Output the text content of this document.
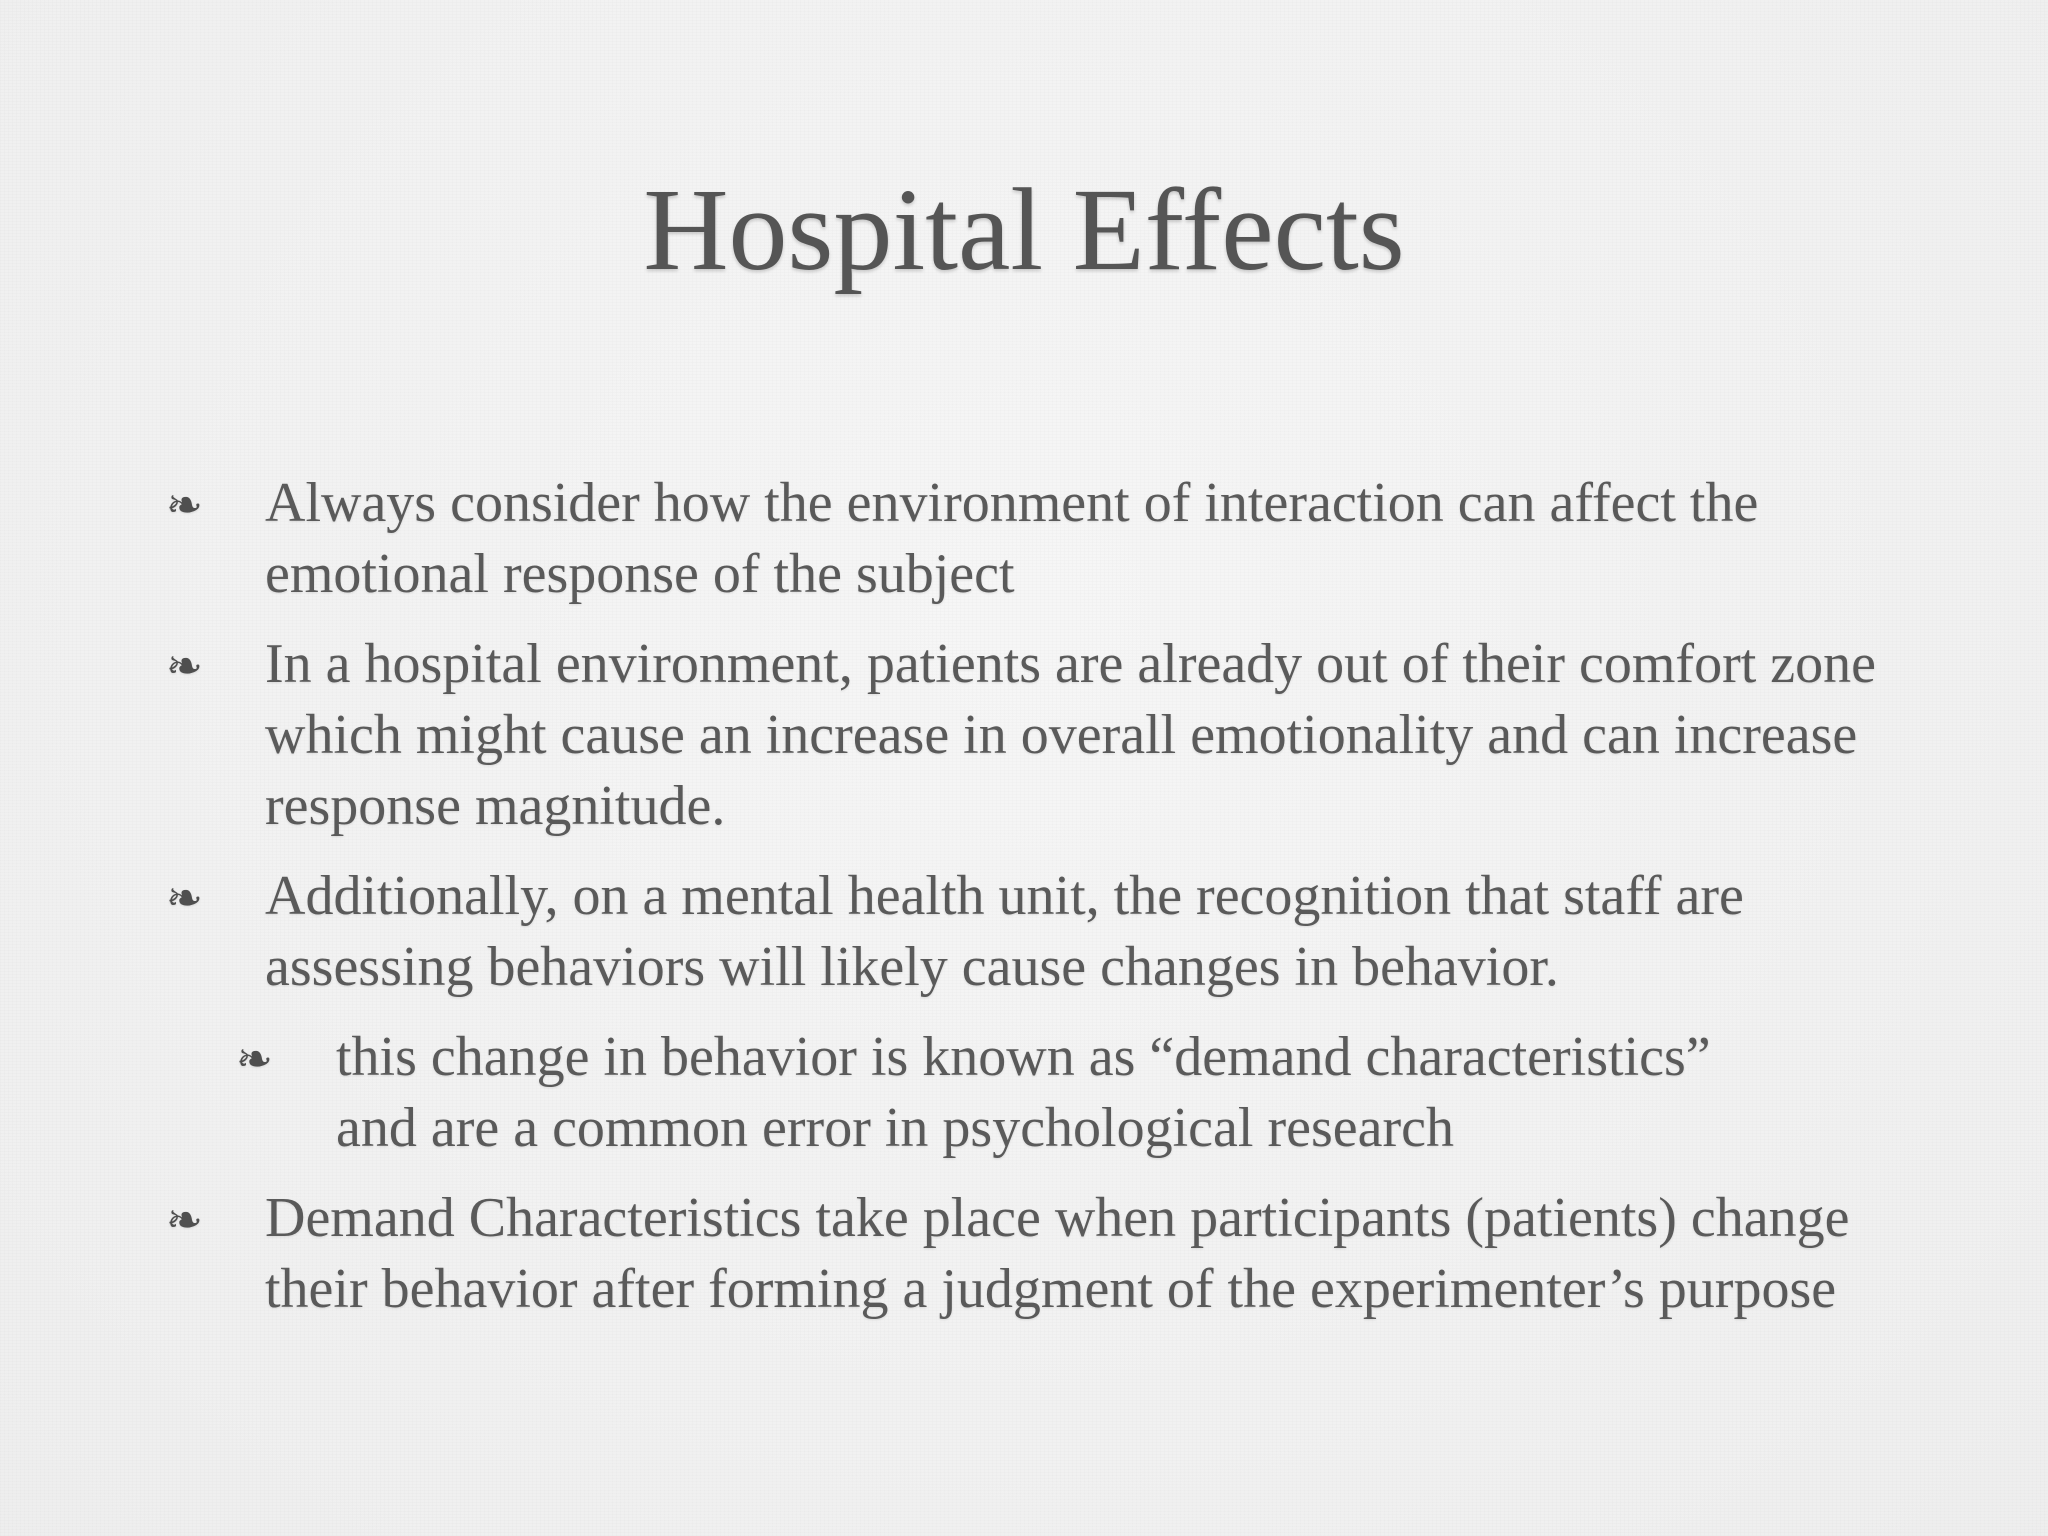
Hospital Effects
❧ Always consider how the environment of interaction can affect the emotional response of the subject
❧ In a hospital environment, patients are already out of their comfort zone which might cause an increase in overall emotionality and can increase response magnitude.
❧ Additionally, on a mental health unit, the recognition that staff are assessing behaviors will likely cause changes in behavior.
❧ this change in behavior is known as “demand characteristics” and are a common error in psychological research
❧ Demand Characteristics take place when participants (patients) change their behavior after forming a judgment of the experimenter’s purpose
